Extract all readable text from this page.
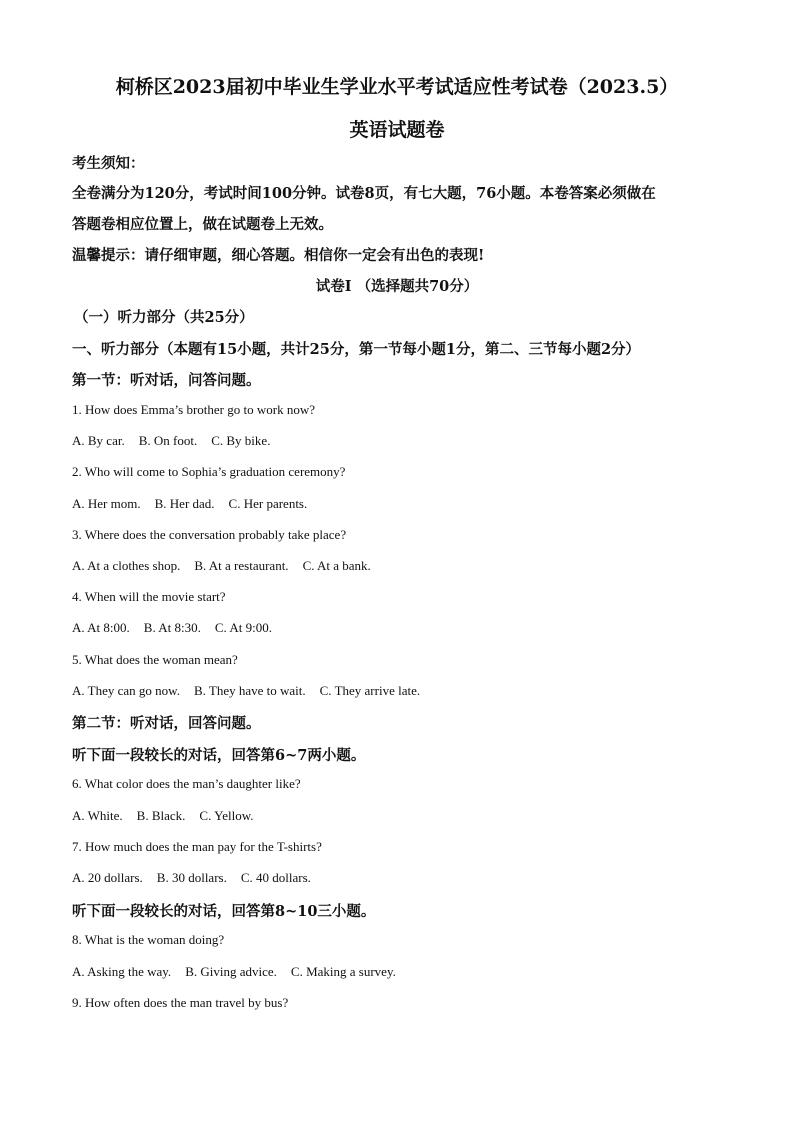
柯桥区2023届初中毕业生学业水平考试适应性考试卷（2023.5）
英语试题卷
考生须知：
全卷满分为120分，考试时间100分钟。试卷8页，有七大题，76小题。本卷答案必须做在
答题卷相应位置上，做在试题卷上无效。
温馨提示：请仔细审题，细心答题。相信你一定会有出色的表现!
试卷Ⅰ （选择题共70分）
（一）听力部分（共25分）
一、听力部分（本题有15小题，共计25分，第一节每小题1分，第二、三节每小题2分）
第一节：听对话，问答问题。
1. How does Emma’s brother go to work now?
A. By car. B. On foot. C. By bike.
2. Who will come to Sophia’s graduation ceremony?
A. Her mom. B. Her dad. C. Her parents.
3. Where does the conversation probably take place?
A. At a clothes shop. B. At a restaurant. C. At a bank.
4. When will the movie start?
A. At 8:00. B. At 8:30. C. At 9:00.
5. What does the woman mean?
A. They can go now. B. They have to wait. C. They arrive late.
第二节：听对话，回答问题。
听下面一段较长的对话，回答第6~7两小题。
6. What color does the man’s daughter like?
A. White. B. Black. C. Yellow.
7. How much does the man pay for the T-shirts?
A. 20 dollars. B. 30 dollars. C. 40 dollars.
听下面一段较长的对话，回答第8~10三小题。
8. What is the woman doing?
A. Asking the way. B. Giving advice. C. Making a survey.
9. How often does the man travel by bus?
